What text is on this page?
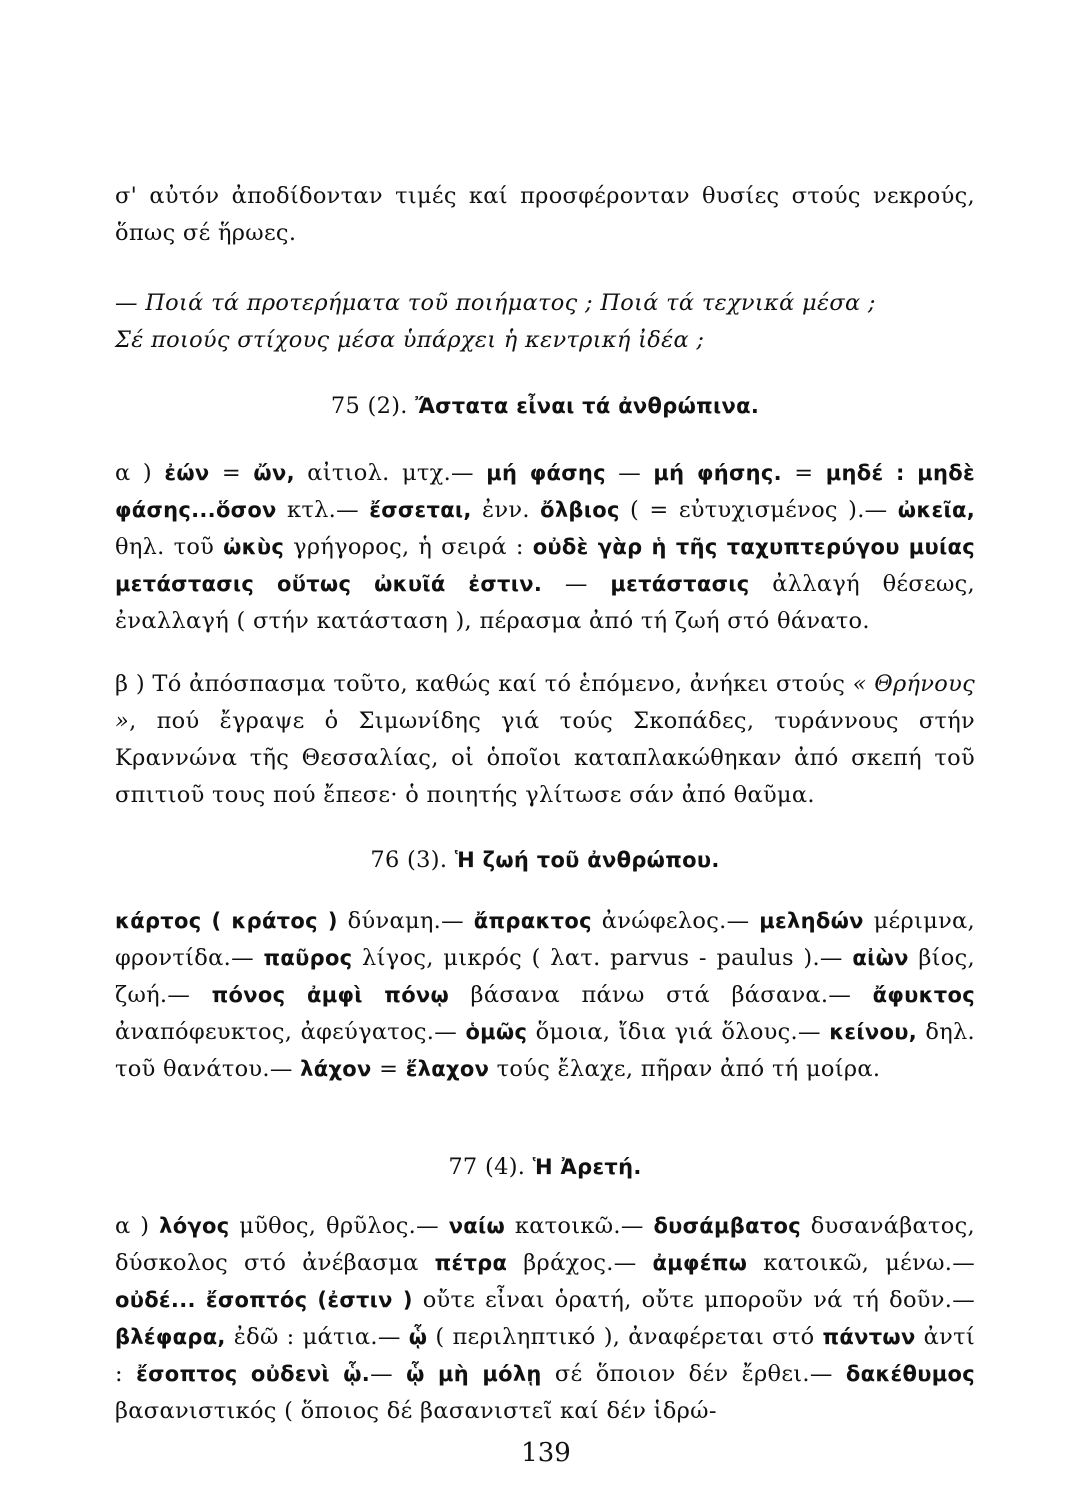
σ' αὐτόν ἀποδίδονταν τιμές καί προσφέρονταν θυσίες στούς νεκρούς, ὅπως σέ ἥρωες.
— Ποιά τά προτερήματα τοῦ ποιήματος ; Ποιά τά τεχνικά μέσα ;
Σέ ποιούς στίχους μέσα ὑπάρχει ἡ κεντρική ἰδέα ;
75 (2). Ἄστατα εἶναι τά ἀνθρώπινα.
α ) ἐών = ὤν, αἰτιολ. μτχ.— μή φάσης — μή φήσης. = μηδέ : μηδὲ φάσης...ὅσον κτλ.— ἔσσεται, ἐνν. ὄλβιος ( = εὐτυχισμένος ).— ὠκεῖα, θηλ. τοῦ ὠκὺς γρήγορος, ἡ σειρά : οὐδὲ γὰρ ἡ τῆς ταχυπτερύγου μυίας μετάστασις οὕτως ὠκυῖά ἐστιν. — μετάστασις ἀλλαγή θέσεως, ἐναλλαγή ( στήν κατάσταση ), πέρασμα ἀπό τή ζωή στό θάνατο.
β ) Τό ἀπόσπασμα τοῦτο, καθώς καί τό ἑπόμενο, ἀνήκει στούς « Θρήνους », πού ἔγραψε ὁ Σιμωνίδης γιά τούς Σκοπάδες, τυράννους στήν Κραννώνα τῆς Θεσσαλίας, οἱ ὁποῖοι καταπλακώθηκαν ἀπό σκεπή τοῦ σπιτιοῦ τους πού ἔπεσε· ὁ ποιητής γλίτωσε σάν ἀπό θαῦμα.
76 (3). Ἡ ζωή τοῦ ἀνθρώπου.
κάρτος ( κράτος ) δύναμη.— ἄπρακτος ἀνώφελος.— μεληδών μέριμνα, φροντίδα.— παῦρος λίγος, μικρός ( λατ. parvus - paulus ).— αἰὼν βίος, ζωή.— πόνος ἀμφὶ πόνῳ βάσανα πάνω στά βάσανα.— ἄφυκτος ἀναπόφευκτος, ἀφεύγατος.— ὁμῶς ὅμοια, ἴδια γιά ὅλους.— κείνου, δηλ. τοῦ θανάτου.— λάχον = ἔλαχον τούς ἔλαχε, πῆραν ἀπό τή μοίρα.
77 (4). Ἡ Ἀρετή.
α ) λόγος μῦθος, θρῦλος.— ναίω κατοικῶ.— δυσάμβατος δυσανάβατος, δύσκολος στό ἀνέβασμα πέτρα βράχος.— ἀμφέπω κατοικῶ, μένω.— οὐδέ... ἔσοπτός (ἐστιν ) οὔτε εἶναι ὁρατή, οὔτε μποροῦν νά τή δοῦν.— βλέφαρα, ἐδῶ : μάτια.— ᾧ ( περιληπτικό ), ἀναφέρεται στό πάντων ἀντί : ἔσοπτος οὐδενὶ ᾧ.— ᾧ μὴ μόλῃ σέ ὅποιον δέν ἔρθει.— δακέθυμος βασανιστικός ( ὅποιος δέ βασανιστεῖ καί δέν ἱδρώ-
139
